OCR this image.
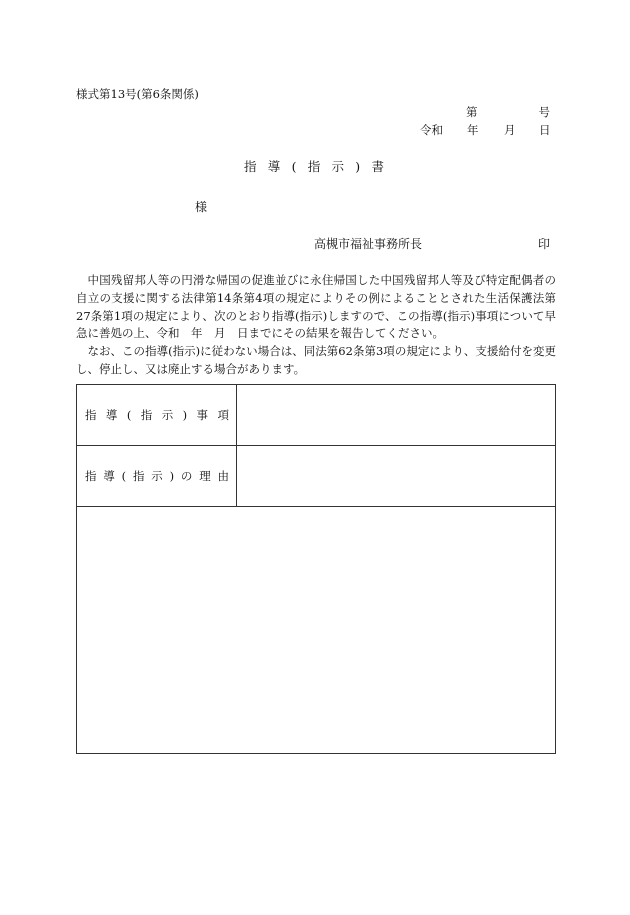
様式第13号(第6条関係)
第	号
令和 年 月 日
指 導 ( 指 示 ) 書
様
高槻市福祉事務所長	印

中国残留邦人等の円滑な帰国の促進並びに永住帰国した中国残留邦人等及び特定配偶者の自立の支援に関する法律第14条第4項の規定によりその例によることとされた生活保護法第27条第1項の規定により、次のとおり指導(指示)しますので、この指導(指示)事項について早急に善処の上、令和　年　月　日までにその結果を報告してください。

なお、この指導(指示)に従わない場合は、同法第62条第3項の規定により、支援給付を変更し、停止し、又は廃止する場合があります。

指 導 ( 指 示 ) 事 項
指 導 ( 指 示 ) の 理 由
